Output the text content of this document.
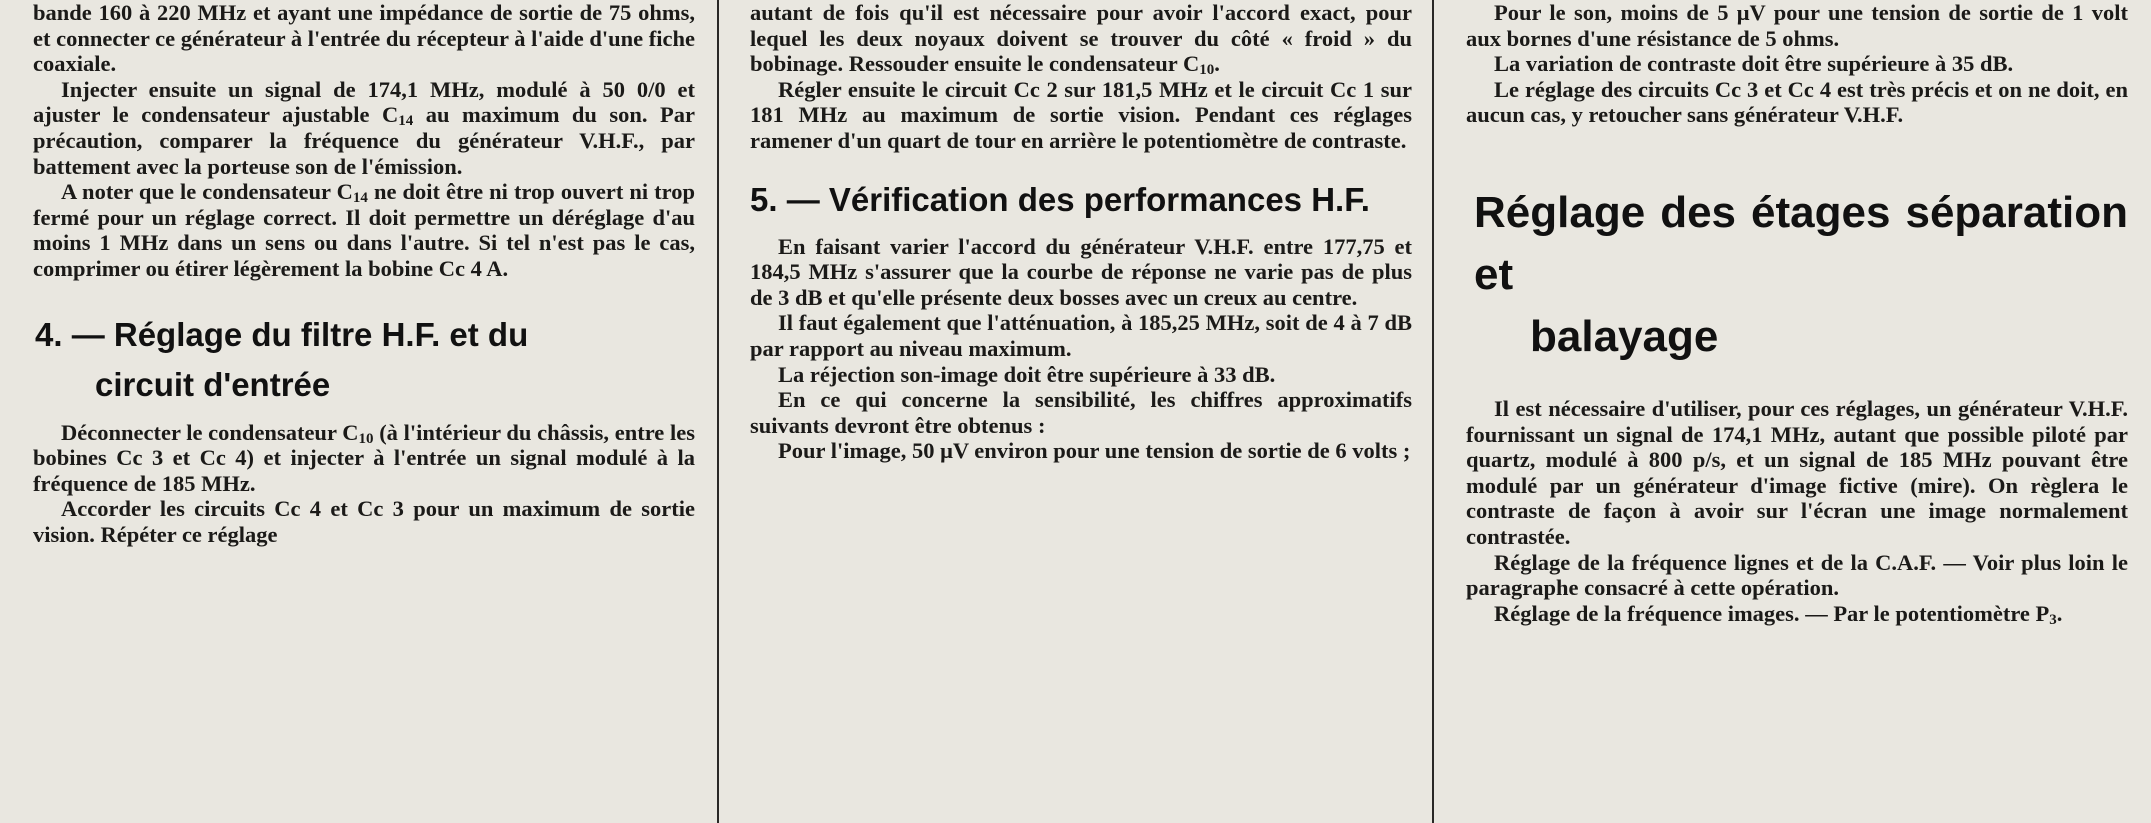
bande 160 à 220 MHz et ayant une impédance de sortie de 75 ohms, et connecter ce générateur à l'entrée du récepteur à l'aide d'une fiche coaxiale.

Injecter ensuite un signal de 174,1 MHz, modulé à 50 0/0 et ajuster le condensateur ajustable $C_{14}$ au maximum du son. Par précaution, comparer la fréquence du générateur V.H.F., par battement avec la porteuse son de l'émission.

A noter que le condensateur $C_{14}$ ne doit être ni trop ouvert ni trop fermé pour un réglage correct. Il doit permettre un déréglage d'au moins 1 MHz dans un sens ou dans l'autre. Si tel n'est pas le cas, comprimer ou étirer légèrement la bobine Cc 4 A.

4. — Réglage du filtre H.F. et du
circuit d'entrée

Déconnecter le condensateur $C_{10}$ (à l'intérieur du châssis, entre les bobines Cc 3 et Cc 4) et injecter à l'entrée un signal modulé à la fréquence de 185 MHz.

Accorder les circuits Cc 4 et Cc 3 pour un maximum de sortie vision. Répéter ce réglage

autant de fois qu'il est nécessaire pour avoir l'accord exact, pour lequel les deux noyaux doivent se trouver du côté « froid » du bobinage. Ressouder ensuite le condensateur $C_{10}$.

Régler ensuite le circuit Cc 2 sur 181,5 MHz et le circuit Cc 1 sur 181 MHz au maximum de sortie vision. Pendant ces réglages ramener d'un quart de tour en arrière le potentiomètre de contraste.

5. — Vérification des performances H.F.

En faisant varier l'accord du générateur V.H.F. entre 177,75 et 184,5 MHz s'assurer que la courbe de réponse ne varie pas de plus de 3 dB et qu'elle présente deux bosses avec un creux au centre.

Il faut également que l'atténuation, à 185,25 MHz, soit de 4 à 7 dB par rapport au niveau maximum.

La réjection son-image doit être supérieure à 33 dB.

En ce qui concerne la sensibilité, les chiffres approximatifs suivants devront être obtenus :

Pour l'image, 50 μV environ pour une tension de sortie de 6 volts ;

Pour le son, moins de 5 μV pour une tension de sortie de 1 volt aux bornes d'une résistance de 5 ohms.

La variation de contraste doit être supérieure à 35 dB.

Le réglage des circuits Cc 3 et Cc 4 est très précis et on ne doit, en aucun cas, y retoucher sans générateur V.H.F.

Réglage des étages séparation et
balayage

Il est nécessaire d'utiliser, pour ces réglages, un générateur V.H.F. fournissant un signal de 174,1 MHz, autant que possible piloté par quartz, modulé à 800 p/s, et un signal de 185 MHz pouvant être modulé par un générateur d'image fictive (mire). On règlera le contraste de façon à avoir sur l'écran une image normalement contrastée.

Réglage de la fréquence lignes et de la C.A.F. — Voir plus loin le paragraphe consacré à cette opération.

Réglage de la fréquence images. — Par le potentiomètre $P_3$.
